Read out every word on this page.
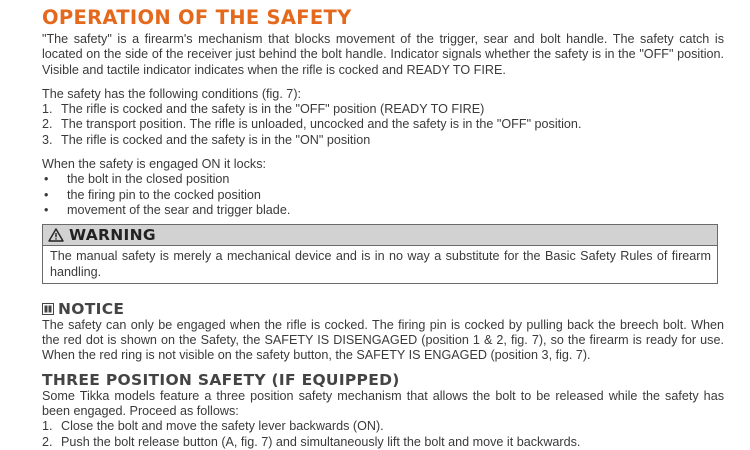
OPERATION OF THE SAFETY

"The safety" is a firearm's mechanism that blocks movement of the trigger, sear and bolt handle. The safety catch is located on the side of the receiver just behind the bolt handle. Indicator signals whether the safety is in the "OFF" position. Visible and tactile indicator indicates when the rifle is cocked and READY TO FIRE.

The safety has the following conditions (fig. 7):

1. The rifle is cocked and the safety is in the "OFF" position (READY TO FIRE)
2. The transport position. The rifle is unloaded, uncocked and the safety is in the "OFF" position.
3. The rifle is cocked and the safety is in the "ON" position

When the safety is engaged ON it locks:

•	the bolt in the closed position
•	the firing pin to the cocked position
•	movement of the sear and trigger blade.
WARNING
The manual safety is merely a mechanical device and is in no way a substitute for the Basic Safety Rules of firearm handling.
NOTICE

The safety can only be engaged when the rifle is cocked. The firing pin is cocked by pulling back the breech bolt. When the red dot is shown on the Safety, the SAFETY IS DISENGAGED (position 1 & 2, fig. 7), so the firearm is ready for use. When the red ring is not visible on the safety button, the SAFETY IS ENGAGED (position 3, fig. 7).

THREE POSITION SAFETY (IF EQUIPPED)

Some Tikka models feature a three position safety mechanism that allows the bolt to be released while the safety has been engaged. Proceed as follows:

1. Close the bolt and move the safety lever backwards (ON).
2. Push the bolt release button (A, fig. 7) and simultaneously lift the bolt and move it backwards.
